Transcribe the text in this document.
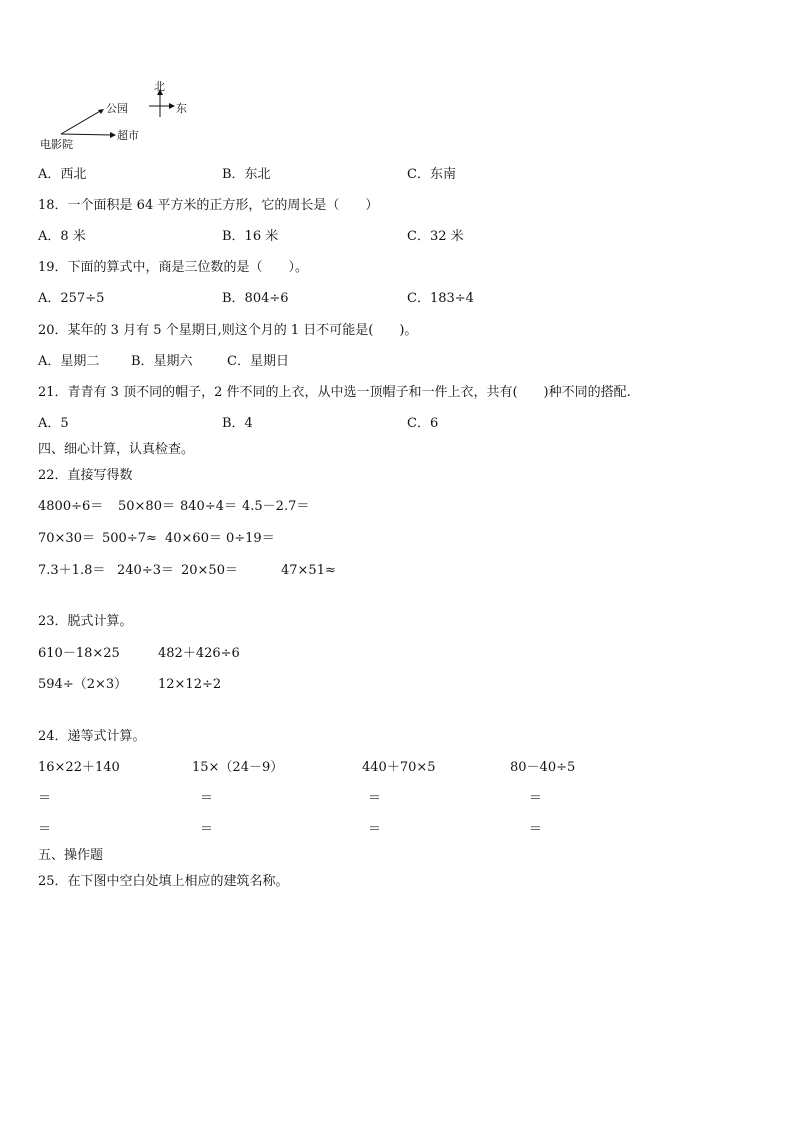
北
东
公园
超市
电影院
A．西北	B．东北	C．东南
18．一个面积是 64 平方米的正方形，它的周长是（　　）
A．8 米	B．16 米	C．32 米
19．下面的算式中，商是三位数的是（　　）。
A．257÷5	B．804÷6	C．183÷4
20．某年的 3 月有 5 个星期日,则这个月的 1 日不可能是(　　)。
A．星期二 B．星期六	C．星期日
21．青青有 3 顶不同的帽子，2 件不同的上衣，从中选一顶帽子和一件上衣，共有(　　)种不同的搭配.
A．5	B．4	C．6
四、细心计算，认真检查。
22．直接写得数
4800÷6＝ 50×80＝ 840÷4＝ 4.5－2.7＝
70×30＝ 500÷7≈ 40×60＝ 0÷19＝
7.3＋1.8＝ 240÷3＝ 20×50＝	47×51≈
23．脱式计算。
610－18×25	482＋426÷6
594÷（2×3） 12×12÷2
24．递等式计算。
16×22＋140	15×（24－9）	440＋70×5	80－40÷5
＝	＝	＝	＝
＝	＝	＝	＝
五、操作题
25．在下图中空白处填上相应的建筑名称。
